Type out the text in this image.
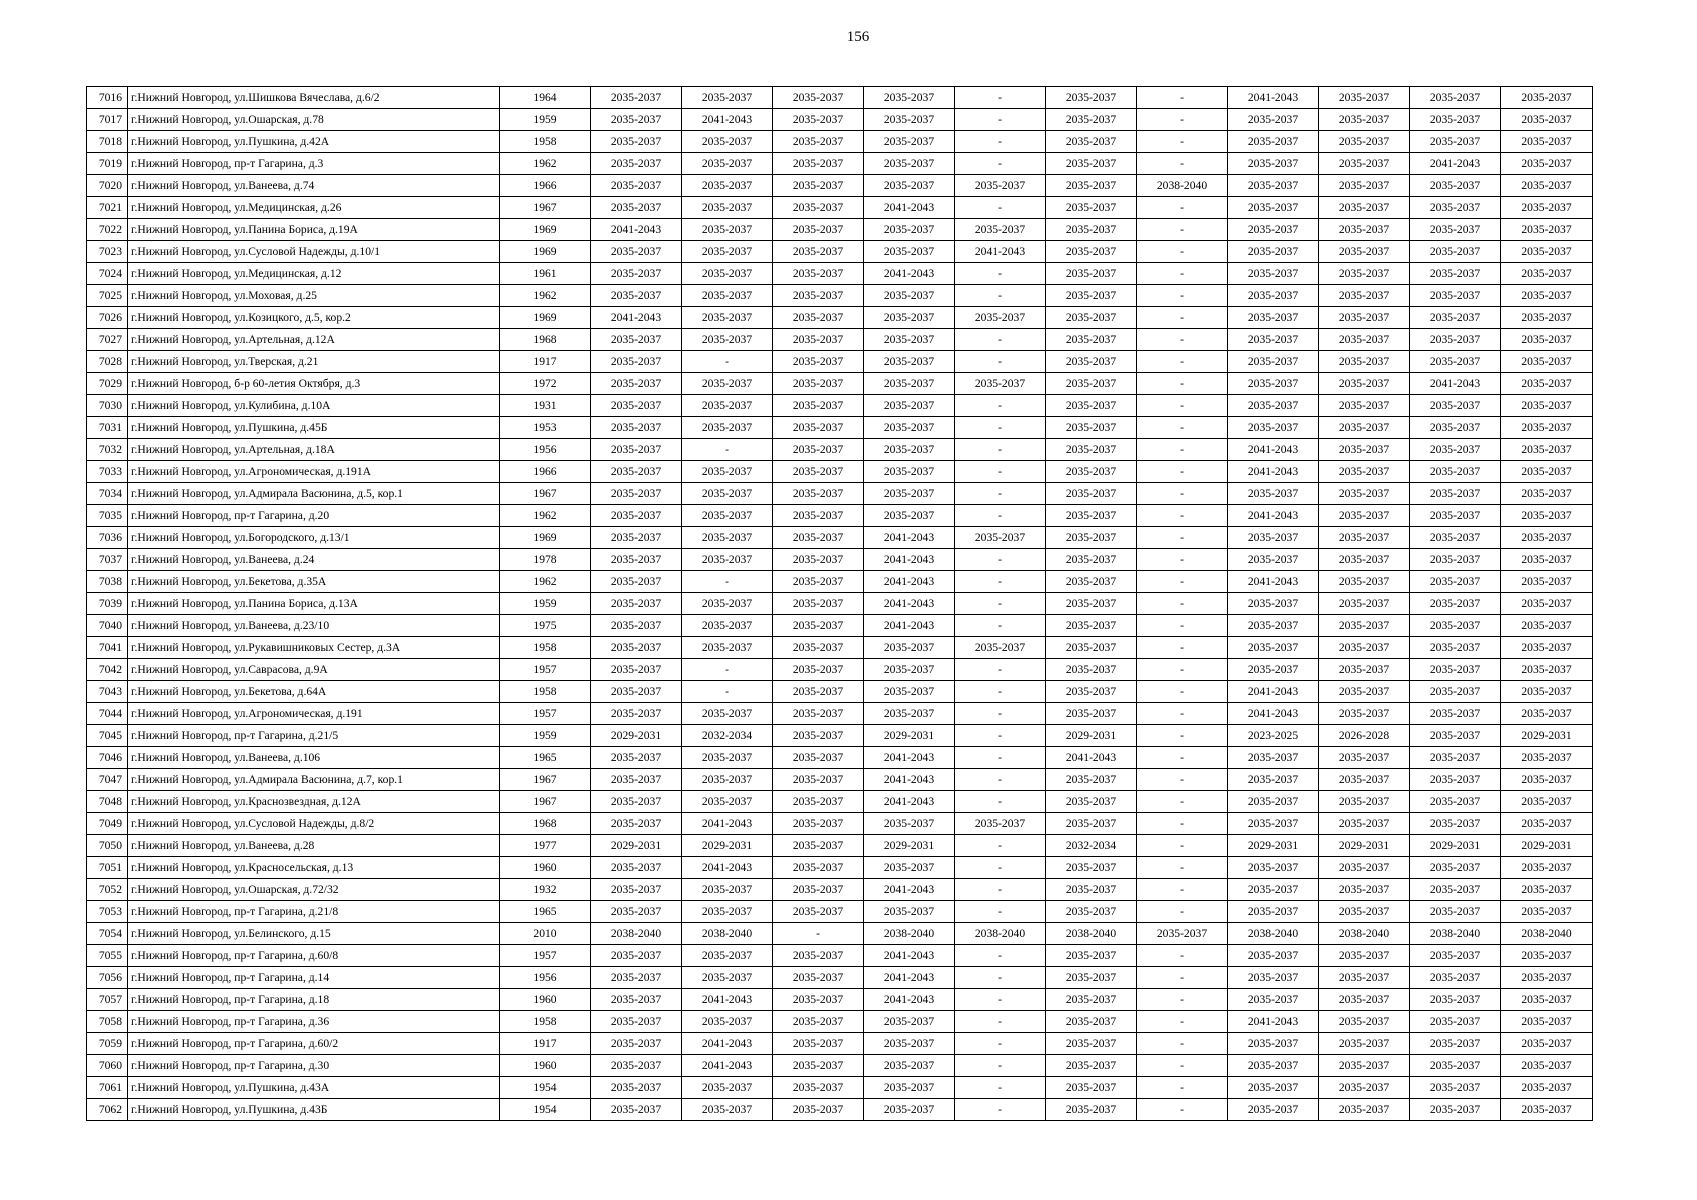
156
7016	г.Нижний Новгород, ул.Шишкова Вячеслава, д.6/2	1964	2035-2037	2035-2037	2035-2037	2035-2037	-	2035-2037	-	2041-2043	2035-2037	2035-2037	2035-2037
7017	г.Нижний Новгород, ул.Ошарская, д.78	1959	2035-2037	2041-2043	2035-2037	2035-2037	-	2035-2037	-	2035-2037	2035-2037	2035-2037	2035-2037
7018	г.Нижний Новгород, ул.Пушкина, д.42А	1958	2035-2037	2035-2037	2035-2037	2035-2037	-	2035-2037	-	2035-2037	2035-2037	2035-2037	2035-2037
7019	г.Нижний Новгород, пр-т Гагарина, д.3	1962	2035-2037	2035-2037	2035-2037	2035-2037	-	2035-2037	-	2035-2037	2035-2037	2041-2043	2035-2037
7020	г.Нижний Новгород, ул.Ванеева, д.74	1966	2035-2037	2035-2037	2035-2037	2035-2037	2035-2037	2035-2037	2038-2040	2035-2037	2035-2037	2035-2037	2035-2037
7021	г.Нижний Новгород, ул.Медицинская, д.26	1967	2035-2037	2035-2037	2035-2037	2041-2043	-	2035-2037	-	2035-2037	2035-2037	2035-2037	2035-2037
7022	г.Нижний Новгород, ул.Панина Бориса, д.19А	1969	2041-2043	2035-2037	2035-2037	2035-2037	2035-2037	2035-2037	-	2035-2037	2035-2037	2035-2037	2035-2037
7023	г.Нижний Новгород, ул.Сусловой Надежды, д.10/1	1969	2035-2037	2035-2037	2035-2037	2035-2037	2041-2043	2035-2037	-	2035-2037	2035-2037	2035-2037	2035-2037
7024	г.Нижний Новгород, ул.Медицинская, д.12	1961	2035-2037	2035-2037	2035-2037	2041-2043	-	2035-2037	-	2035-2037	2035-2037	2035-2037	2035-2037
7025	г.Нижний Новгород, ул.Моховая, д.25	1962	2035-2037	2035-2037	2035-2037	2035-2037	-	2035-2037	-	2035-2037	2035-2037	2035-2037	2035-2037
7026	г.Нижний Новгород, ул.Козицкого, д.5, кор.2	1969	2041-2043	2035-2037	2035-2037	2035-2037	2035-2037	2035-2037	-	2035-2037	2035-2037	2035-2037	2035-2037
7027	г.Нижний Новгород, ул.Артельная, д.12А	1968	2035-2037	2035-2037	2035-2037	2035-2037	-	2035-2037	-	2035-2037	2035-2037	2035-2037	2035-2037
7028	г.Нижний Новгород, ул.Тверская, д.21	1917	2035-2037	-	2035-2037	2035-2037	-	2035-2037	-	2035-2037	2035-2037	2035-2037	2035-2037
7029	г.Нижний Новгород, б-р 60-летия Октября, д.3	1972	2035-2037	2035-2037	2035-2037	2035-2037	2035-2037	2035-2037	-	2035-2037	2035-2037	2041-2043	2035-2037
7030	г.Нижний Новгород, ул.Кулибина, д.10А	1931	2035-2037	2035-2037	2035-2037	2035-2037	-	2035-2037	-	2035-2037	2035-2037	2035-2037	2035-2037
7031	г.Нижний Новгород, ул.Пушкина, д.45Б	1953	2035-2037	2035-2037	2035-2037	2035-2037	-	2035-2037	-	2035-2037	2035-2037	2035-2037	2035-2037
7032	г.Нижний Новгород, ул.Артельная, д.18А	1956	2035-2037	-	2035-2037	2035-2037	-	2035-2037	-	2041-2043	2035-2037	2035-2037	2035-2037
7033	г.Нижний Новгород, ул.Агрономическая, д.191А	1966	2035-2037	2035-2037	2035-2037	2035-2037	-	2035-2037	-	2041-2043	2035-2037	2035-2037	2035-2037
7034	г.Нижний Новгород, ул.Адмирала Васюнина, д.5, кор.1	1967	2035-2037	2035-2037	2035-2037	2035-2037	-	2035-2037	-	2035-2037	2035-2037	2035-2037	2035-2037
7035	г.Нижний Новгород, пр-т Гагарина, д.20	1962	2035-2037	2035-2037	2035-2037	2035-2037	-	2035-2037	-	2041-2043	2035-2037	2035-2037	2035-2037
7036	г.Нижний Новгород, ул.Богородского, д.13/1	1969	2035-2037	2035-2037	2035-2037	2041-2043	2035-2037	2035-2037	-	2035-2037	2035-2037	2035-2037	2035-2037
7037	г.Нижний Новгород, ул.Ванеева, д.24	1978	2035-2037	2035-2037	2035-2037	2041-2043	-	2035-2037	-	2035-2037	2035-2037	2035-2037	2035-2037
7038	г.Нижний Новгород, ул.Бекетова, д.35А	1962	2035-2037	-	2035-2037	2041-2043	-	2035-2037	-	2041-2043	2035-2037	2035-2037	2035-2037
7039	г.Нижний Новгород, ул.Панина Бориса, д.13А	1959	2035-2037	2035-2037	2035-2037	2041-2043	-	2035-2037	-	2035-2037	2035-2037	2035-2037	2035-2037
7040	г.Нижний Новгород, ул.Ванеева, д.23/10	1975	2035-2037	2035-2037	2035-2037	2041-2043	-	2035-2037	-	2035-2037	2035-2037	2035-2037	2035-2037
7041	г.Нижний Новгород, ул.Рукавишниковых Сестер, д.3А	1958	2035-2037	2035-2037	2035-2037	2035-2037	2035-2037	2035-2037	-	2035-2037	2035-2037	2035-2037	2035-2037
7042	г.Нижний Новгород, ул.Саврасова, д.9А	1957	2035-2037	-	2035-2037	2035-2037	-	2035-2037	-	2035-2037	2035-2037	2035-2037	2035-2037
7043	г.Нижний Новгород, ул.Бекетова, д.64А	1958	2035-2037	-	2035-2037	2035-2037	-	2035-2037	-	2041-2043	2035-2037	2035-2037	2035-2037
7044	г.Нижний Новгород, ул.Агрономическая, д.191	1957	2035-2037	2035-2037	2035-2037	2035-2037	-	2035-2037	-	2041-2043	2035-2037	2035-2037	2035-2037
7045	г.Нижний Новгород, пр-т Гагарина, д.21/5	1959	2029-2031	2032-2034	2035-2037	2029-2031	-	2029-2031	-	2023-2025	2026-2028	2035-2037	2029-2031
7046	г.Нижний Новгород, ул.Ванеева, д.106	1965	2035-2037	2035-2037	2035-2037	2041-2043	-	2041-2043	-	2035-2037	2035-2037	2035-2037	2035-2037
7047	г.Нижний Новгород, ул.Адмирала Васюнина, д.7, кор.1	1967	2035-2037	2035-2037	2035-2037	2041-2043	-	2035-2037	-	2035-2037	2035-2037	2035-2037	2035-2037
7048	г.Нижний Новгород, ул.Краснозвездная, д.12А	1967	2035-2037	2035-2037	2035-2037	2041-2043	-	2035-2037	-	2035-2037	2035-2037	2035-2037	2035-2037
7049	г.Нижний Новгород, ул.Сусловой Надежды, д.8/2	1968	2035-2037	2041-2043	2035-2037	2035-2037	2035-2037	2035-2037	-	2035-2037	2035-2037	2035-2037	2035-2037
7050	г.Нижний Новгород, ул.Ванеева, д.28	1977	2029-2031	2029-2031	2035-2037	2029-2031	-	2032-2034	-	2029-2031	2029-2031	2029-2031	2029-2031
7051	г.Нижний Новгород, ул.Красносельская, д.13	1960	2035-2037	2041-2043	2035-2037	2035-2037	-	2035-2037	-	2035-2037	2035-2037	2035-2037	2035-2037
7052	г.Нижний Новгород, ул.Ошарская, д.72/32	1932	2035-2037	2035-2037	2035-2037	2041-2043	-	2035-2037	-	2035-2037	2035-2037	2035-2037	2035-2037
7053	г.Нижний Новгород, пр-т Гагарина, д.21/8	1965	2035-2037	2035-2037	2035-2037	2035-2037	-	2035-2037	-	2035-2037	2035-2037	2035-2037	2035-2037
7054	г.Нижний Новгород, ул.Белинского, д.15	2010	2038-2040	2038-2040	-	2038-2040	2038-2040	2038-2040	2035-2037	2038-2040	2038-2040	2038-2040	2038-2040
7055	г.Нижний Новгород, пр-т Гагарина, д.60/8	1957	2035-2037	2035-2037	2035-2037	2041-2043	-	2035-2037	-	2035-2037	2035-2037	2035-2037	2035-2037
7056	г.Нижний Новгород, пр-т Гагарина, д.14	1956	2035-2037	2035-2037	2035-2037	2041-2043	-	2035-2037	-	2035-2037	2035-2037	2035-2037	2035-2037
7057	г.Нижний Новгород, пр-т Гагарина, д.18	1960	2035-2037	2041-2043	2035-2037	2041-2043	-	2035-2037	-	2035-2037	2035-2037	2035-2037	2035-2037
7058	г.Нижний Новгород, пр-т Гагарина, д.36	1958	2035-2037	2035-2037	2035-2037	2035-2037	-	2035-2037	-	2041-2043	2035-2037	2035-2037	2035-2037
7059	г.Нижний Новгород, пр-т Гагарина, д.60/2	1917	2035-2037	2041-2043	2035-2037	2035-2037	-	2035-2037	-	2035-2037	2035-2037	2035-2037	2035-2037
7060	г.Нижний Новгород, пр-т Гагарина, д.30	1960	2035-2037	2041-2043	2035-2037	2035-2037	-	2035-2037	-	2035-2037	2035-2037	2035-2037	2035-2037
7061	г.Нижний Новгород, ул.Пушкина, д.43А	1954	2035-2037	2035-2037	2035-2037	2035-2037	-	2035-2037	-	2035-2037	2035-2037	2035-2037	2035-2037
7062	г.Нижний Новгород, ул.Пушкина, д.43Б	1954	2035-2037	2035-2037	2035-2037	2035-2037	-	2035-2037	-	2035-2037	2035-2037	2035-2037	2035-2037
